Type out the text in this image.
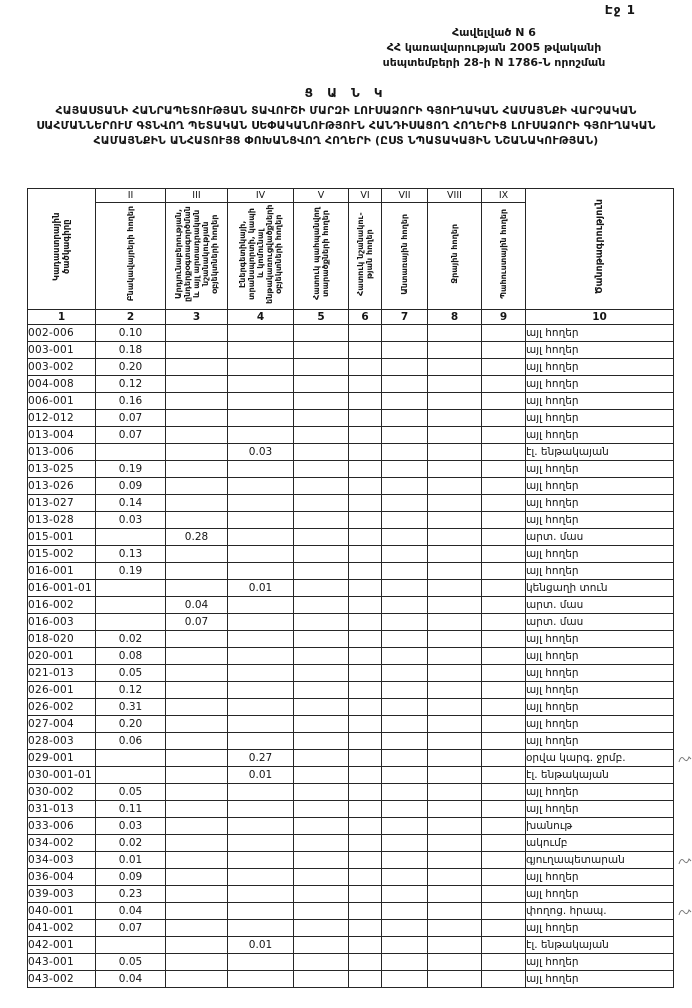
Էջ 1
Հավելված N 6
ՀՀ կառավարության 2005 թվականի
սեպտեմբերի 28-ի N 1786-Ն որոշման
Ց Ա Ն Կ
ՀԱՅԱՍՏԱՆԻ ՀԱՆՐԱՊԵՏՈՒԹՅԱՆ ՏԱՎՈՒՇԻ ՄԱՐԶԻ ԼՈՒՍԱՁՈՐԻ ԳՅՈՒՂԱԿԱՆ ՀԱՄԱՅՆՔԻ ՎԱՐՉԱԿԱՆ ՍԱՀՄԱՆՆԵՐՈՒՄ ԳՏՆՎՈՂ ՊԵՏԱԿԱՆ ՍԵՓԱԿԱՆՈՒԹՅՈՒՆ ՀԱՆԴԻՍԱՑՈՂ ՀՈՂԵՐԻՑ ԼՈՒՍԱՁՈՐԻ ԳՅՈՒՂԱԿԱՆ ՀԱՄԱՅՆՔԻՆ ԱՆՀԱՏՈՒՅՑ ՓՈԽԱՆՑՎՈՂ ՀՈՂԵՐԻ (ԸՍՏ ՆՊԱՏԱԿԱՅԻՆ ՆՇԱՆԱԿՈՒԹՅԱՆ)
Կադաստրային ծածկագիրը	II	III	IV	V	VI	VII	VIII	IX	Ծանոթագրություն
	Բնակավայրերի հողեր	Արդյունաբերության, ընդերքօգտագործման և այլ արտադրական նշանակության օբյեկտների հողեր	Էներգետիկայի, տրանսպորտի, կապի և կոմունալ ենթակառուցվածքների օբյեկտների հողեր	Հատուկ պահպանվող տարածքների հողեր	Հատուկ նշանակու- թյան հողեր	Անտառային հողեր	Ջրային հողեր	Պահուստային հողեր	
1	2	3	4	5	6	7	8	9	10
002-006	0.10								այլ հողեր
003-001	0.18								այլ հողեր
003-002	0.20								այլ հողեր
004-008	0.12								այլ հողեր
006-001	0.16								այլ հողեր
012-012	0.07								այլ հողեր
013-004	0.07								այլ հողեր
013-006			0.03						էլ. ենթակայան
013-025	0.19								այլ հողեր
013-026	0.09								այլ հողեր
013-027	0.14								այլ հողեր
013-028	0.03								այլ հողեր
015-001		0.28							արտ. մաս
015-002	0.13								այլ հողեր
016-001	0.19								այլ հողեր
016-001-01			0.01						կենցաղի տուն
016-002		0.04							արտ. մաս
016-003		0.07							արտ. մաս
018-020	0.02								այլ հողեր
020-001	0.08								այլ հողեր
021-013	0.05								այլ հողեր
026-001	0.12								այլ հողեր
026-002	0.31								այլ հողեր
027-004	0.20								այլ հողեր
028-003	0.06								այլ հողեր
029-001			0.27						օրվա կարգ. ջրմբ.

030-001-01			0.01						էլ. ենթակայան
030-002	0.05								այլ հողեր
031-013	0.11								այլ հողեր
033-006	0.03								խանութ
034-002	0.02								ակումբ
034-003	0.01								գյուղապետարան

036-004	0.09								այլ հողեր
039-003	0.23								այլ հողեր
040-001	0.04								փողոց. հրապ.

041-002	0.07								այլ հողեր
042-001			0.01						էլ. ենթակայան
043-001	0.05								այլ հողեր
043-002	0.04								այլ հողեր
